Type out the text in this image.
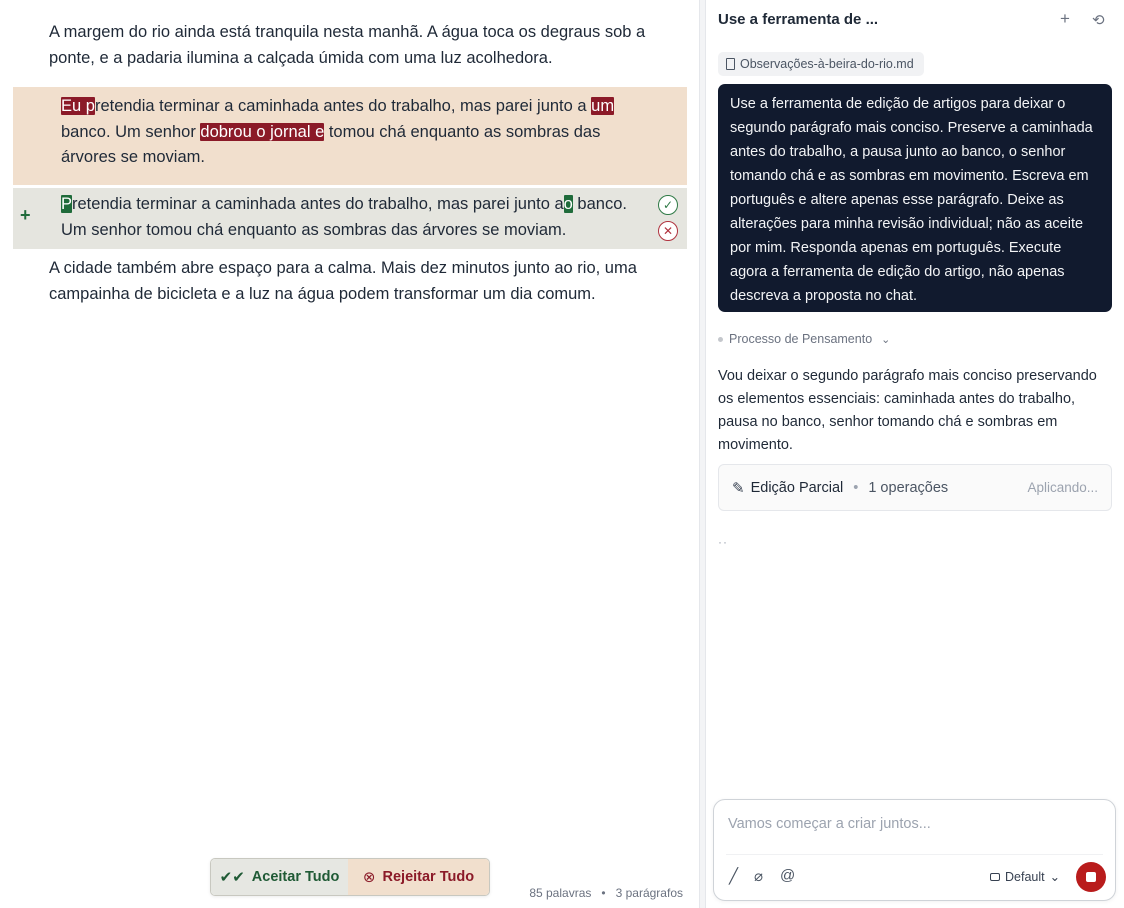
A margem do rio ainda está tranquila nesta manhã. A água toca os degraus sob a ponte, e a padaria ilumina a calçada úmida com uma luz acolhedora.

Eu pretendia terminar a caminhada antes do trabalho, mas parei junto a um banco. Um senhor dobrou o jornal e tomou chá enquanto as sombras das árvores se moviam.

+

Pretendia terminar a caminhada antes do trabalho, mas parei junto ao banco. Um senhor tomou chá enquanto as sombras das árvores se moviam.

✓
✕

A cidade também abre espaço para a calma. Mais dez minutos junto ao rio, uma campainha de bicicleta e a luz na água podem transformar um dia comum.

✔✔ Aceitar Tudo ⊗ Rejeitar Tudo
85 palavras   •   3 parágrafos
Use a ferramenta de ...	+ ⟲
Observações-à-beira-do-rio.md
Use a ferramenta de edição de artigos para deixar o segundo parágrafo mais conciso. Preserve a caminhada antes do trabalho, a pausa junto ao banco, o senhor tomando chá e as sombras em movimento. Escreva em português e altere apenas esse parágrafo. Deixe as alterações para minha revisão individual; não as aceite por mim. Responda apenas em português. Execute agora a ferramenta de edição do artigo, não apenas descreva a proposta no chat.
Processo de Pensamento ⌄
Vou deixar o segundo parágrafo mais conciso preservando os elementos essenciais: caminhada antes do trabalho, pausa no banco, senhor tomando chá e sombras em movimento.
✎ Edição Parcial • 1 operações	Aplicando...
··
Vamos começar a criar juntos...
╱ ⌀ @	Default ⌄
